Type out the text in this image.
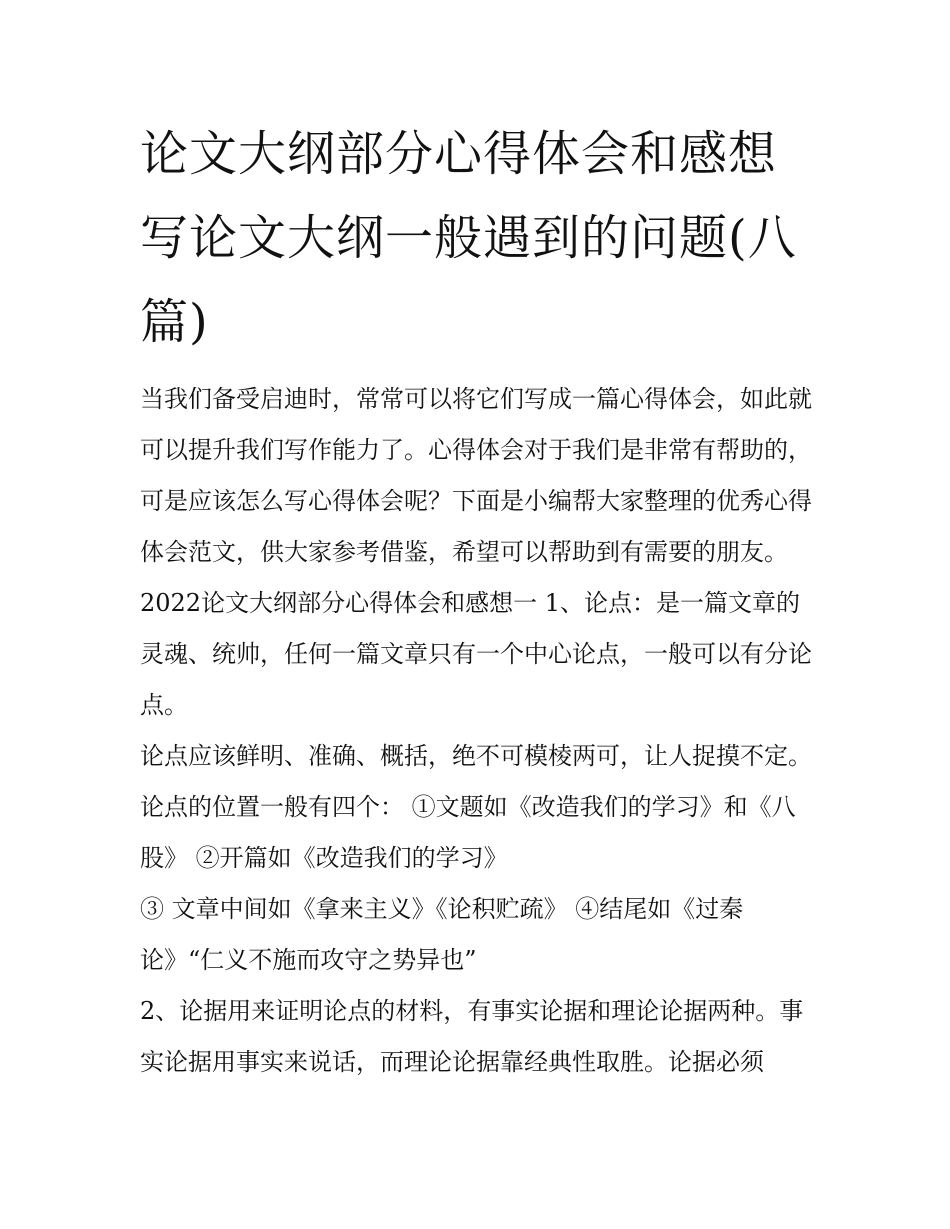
论文大纲部分心得体会和感想写论文大纲一般遇到的问题(八篇)

当我们备受启迪时，常常可以将它们写成一篇心得体会，如此就可以提升我们写作能力了。心得体会对于我们是非常有帮助的，可是应该怎么写心得体会呢？下面是小编帮大家整理的优秀心得体会范文，供大家参考借鉴，希望可以帮助到有需要的朋友。

2022论文大纲部分心得体会和感想一 1、论点：是一篇文章的灵魂、统帅，任何一篇文章只有一个中心论点，一般可以有分论点。

论点应该鲜明、准确、概括，绝不可模棱两可，让人捉摸不定。论点的位置一般有四个： ①文题如《改造我们的学习》和《八股》 ②开篇如《改造我们的学习》

③ 文章中间如《拿来主义》《论积贮疏》 ④结尾如《过秦论》“仁义不施而攻守之势异也”

2、论据用来证明论点的材料，有事实论据和理论论据两种。事实论据用事实来说话，而理论论据靠经典性取胜。论据必须
